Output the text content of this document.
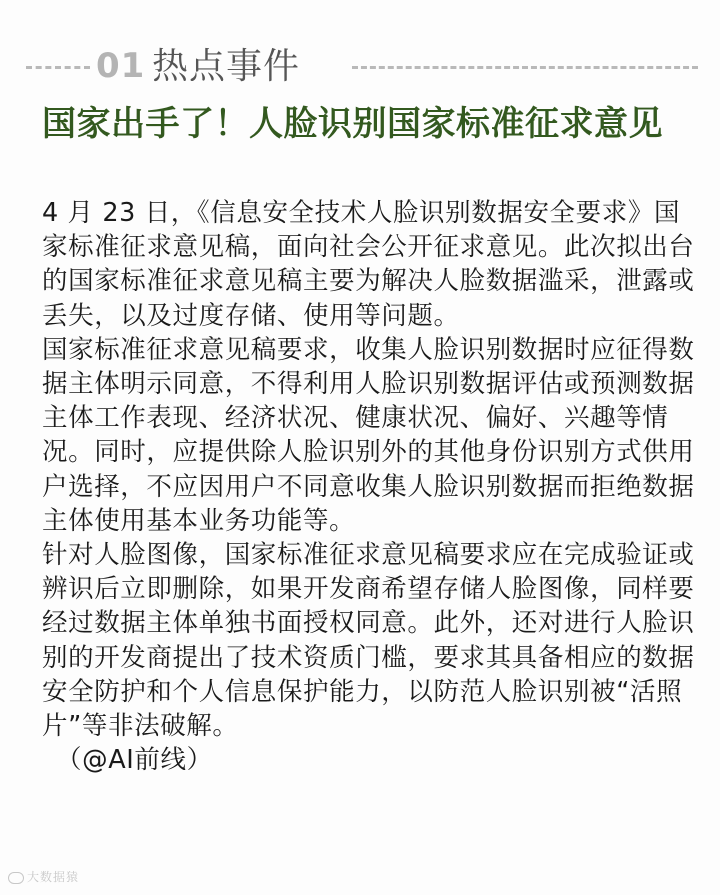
01 热点事件
国家出手了！人脸识别国家标准征求意见

4 月 23 日，《信息安全技术人脸识别数据安全要求》国家标准征求意见稿，面向社会公开征求意见。此次拟出台的国家标准征求意见稿主要为解决人脸数据滥采，泄露或丢失，以及过度存储、使用等问题。

国家标准征求意见稿要求，收集人脸识别数据时应征得数据主体明示同意，不得利用人脸识别数据评估或预测数据主体工作表现、经济状况、健康状况、偏好、兴趣等情况。同时，应提供除人脸识别外的其他身份识别方式供用户选择，不应因用户不同意收集人脸识别数据而拒绝数据主体使用基本业务功能等。

针对人脸图像，国家标准征求意见稿要求应在完成验证或辨识后立即删除，如果开发商希望存储人脸图像，同样要经过数据主体单独书面授权同意。此外，还对进行人脸识别的开发商提出了技术资质门槛，要求其具备相应的数据安全防护和个人信息保护能力，以防范人脸识别被“活照片”等非法破解。

（@AI前线）

大数据猿
